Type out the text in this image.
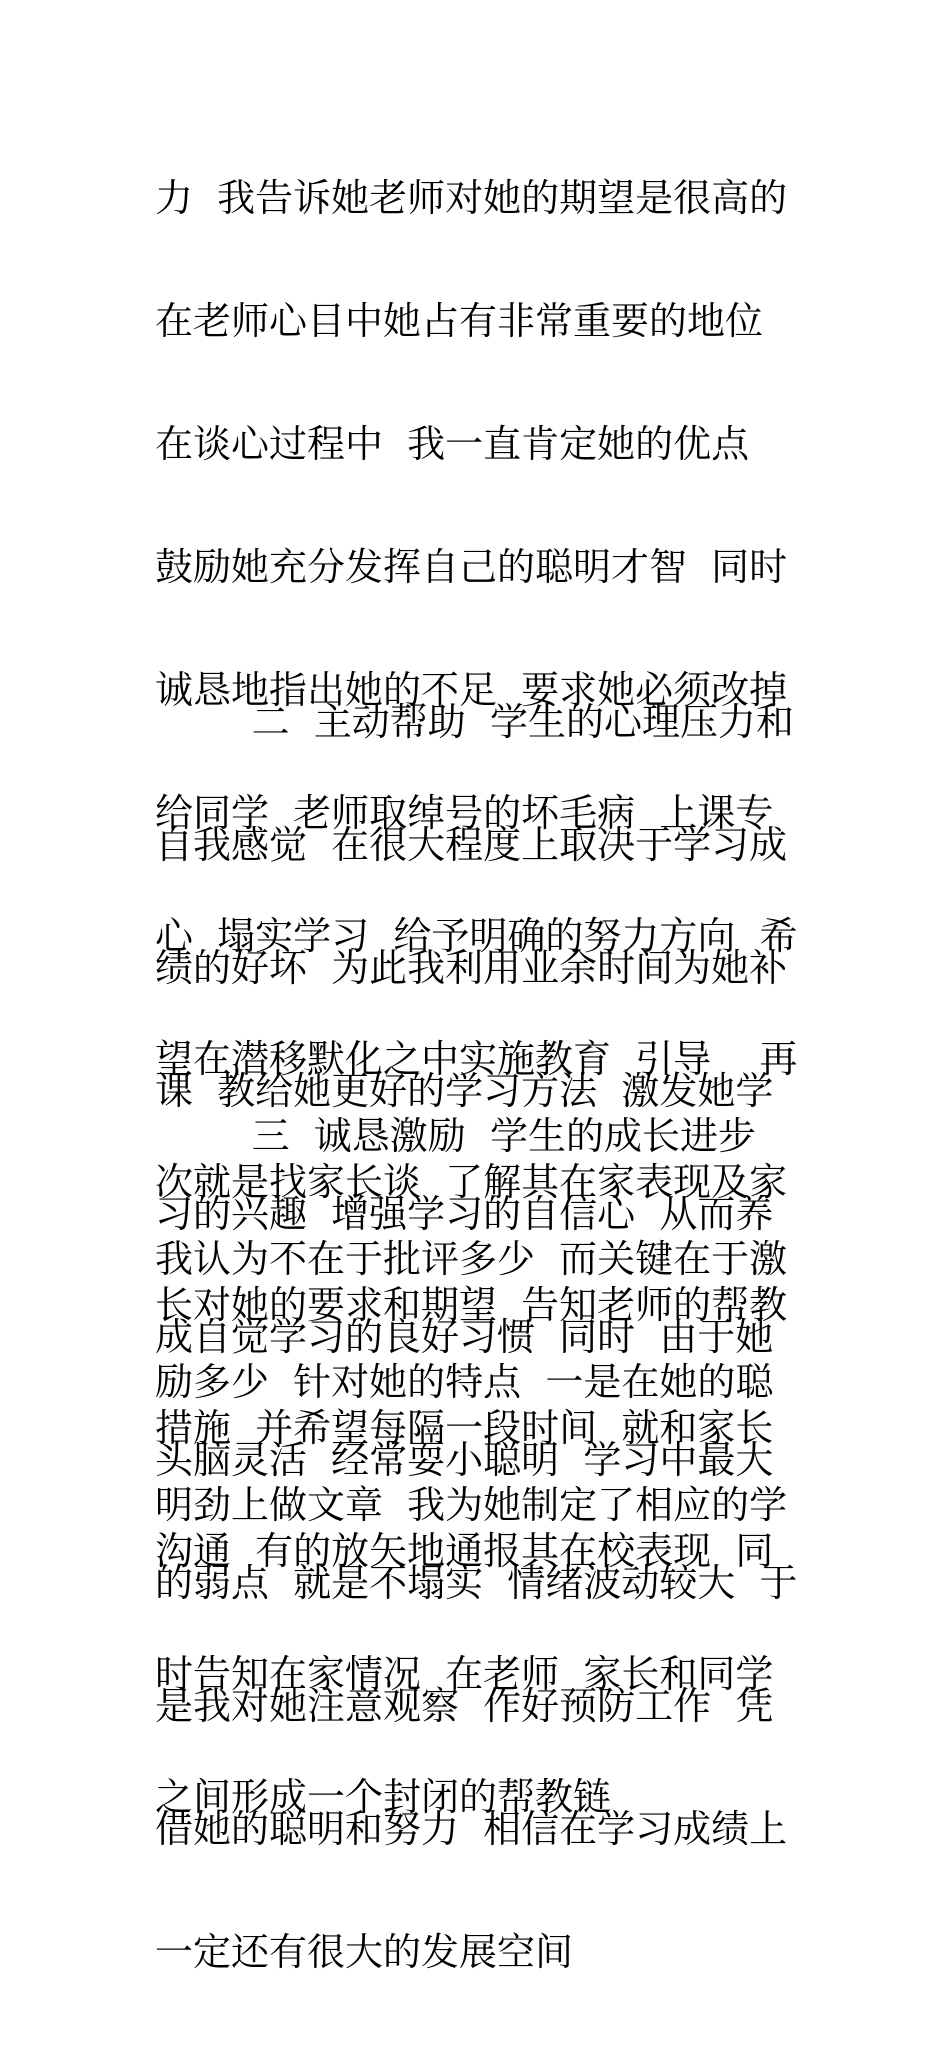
力  我告诉她老师对她的期望是很高的

在老师心目中她占有非常重要的地位

在谈心过程中  我一直肯定她的优点

鼓励她充分发挥自己的聪明才智  同时

诚恳地指出她的不足  要求她必须改掉

给同学  老师取绰号的坏毛病  上课专

心  塌实学习  给予明确的努力方向  希

望在潜移默化之中实施教育  引导    再

次就是找家长谈  了解其在家表现及家

长对她的要求和期望  告知老师的帮教

措施  并希望每隔一段时间  就和家长

沟通  有的放矢地通报其在校表现  同

时告知在家情况  在老师  家长和同学

之间形成一个封闭的帮教链

二  主动帮助  学生的心理压力和

自我感觉  在很大程度上取决于学习成

绩的好坏  为此我利用业余时间为她补

课  教给她更好的学习方法  激发她学

习的兴趣  增强学习的自信心  从而养

成自觉学习的良好习惯  同时  由于她

头脑灵活  经常耍小聪明  学习中最大

的弱点  就是不塌实  情绪波动较大  于

是我对她注意观察  作好预防工作  凭

借她的聪明和努力  相信在学习成绩上

一定还有很大的发展空间

三  诚恳激励  学生的成长进步

我认为不在于批评多少  而关键在于激

励多少  针对她的特点  一是在她的聪

明劲上做文章  我为她制定了相应的学
